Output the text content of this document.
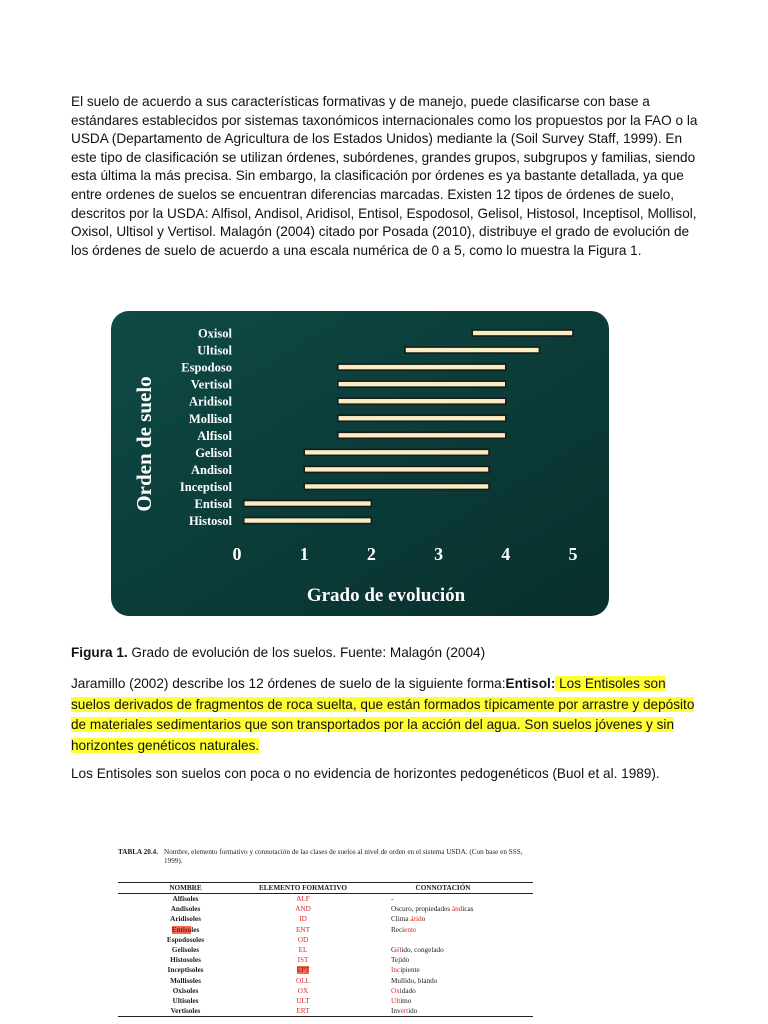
El suelo de acuerdo a sus características formativas y de manejo, puede clasificarse con base a estándares establecidos por sistemas taxonómicos internacionales como los propuestos por la FAO o la USDA (Departamento de Agricultura de los Estados Unidos) mediante la (Soil Survey Staff, 1999). En este tipo de clasificación se utilizan órdenes, subórdenes, grandes grupos, subgrupos y familias, siendo esta última la más precisa. Sin embargo, la clasificación por órdenes es ya bastante detallada, ya que entre ordenes de suelos se encuentran diferencias marcadas. Existen 12 tipos de órdenes de suelo, descritos por la USDA: Alfisol, Andisol, Aridisol, Entisol, Espodosol, Gelisol, Histosol, Inceptisol, Mollisol, Oxisol, Ultisol y Vertisol. Malagón (2004) citado por Posada (2010), distribuye el grado de evolución de los órdenes de suelo de acuerdo a una escala numérica de 0 a 5, como lo muestra la Figura 1.

Oxisol
Ultisol
Espodoso
Vertisol
Aridisol
Mollisol
Alfisol
Gelisol
Andisol
Inceptisol
Entisol
Histosol
0	1	2	3	4	5
Orden de suelo
Grado de evolución

Figura 1. Grado de evolución de los suelos. Fuente: Malagón (2004)

Jaramillo (2002) describe los 12 órdenes de suelo de la siguiente forma:Entisol: Los Entisoles son suelos derivados de fragmentos de roca suelta, que están formados típicamente por arrastre y depósito de materiales sedimentarios que son transportados por la acción del agua. Son suelos jóvenes y sin horizontes genéticos naturales.

Los Entisoles son suelos con poca o no evidencia de horizontes pedogenéticos (Buol et al. 1989).

TABLA 20.4. Nombre, elemento formativo y connotación de las clases de suelos al nivel de orden en el sistema USDA. (Con base en SSS, 1999).
NOMBRE	ELEMENTO FORMATIVO	CONNOTACIÓN
Alfisoles	ALF	-
Andisoles	AND	Oscuro, propiedades ándicas
Aridisoles	ID	Clima árido
Entisoles	ENT	Reciente
Espodosoles	OD
Gelisoles	EL	Gélido, congelado
Histosoles	IST	Tejido
Inceptisoles	EPT	Incipiente
Mollisoles	OLL	Mullido, blando
Oxisoles	OX	Oxidado
Ultisoles	ULT	Ultimo
Vertisoles	ERT	Invertido
